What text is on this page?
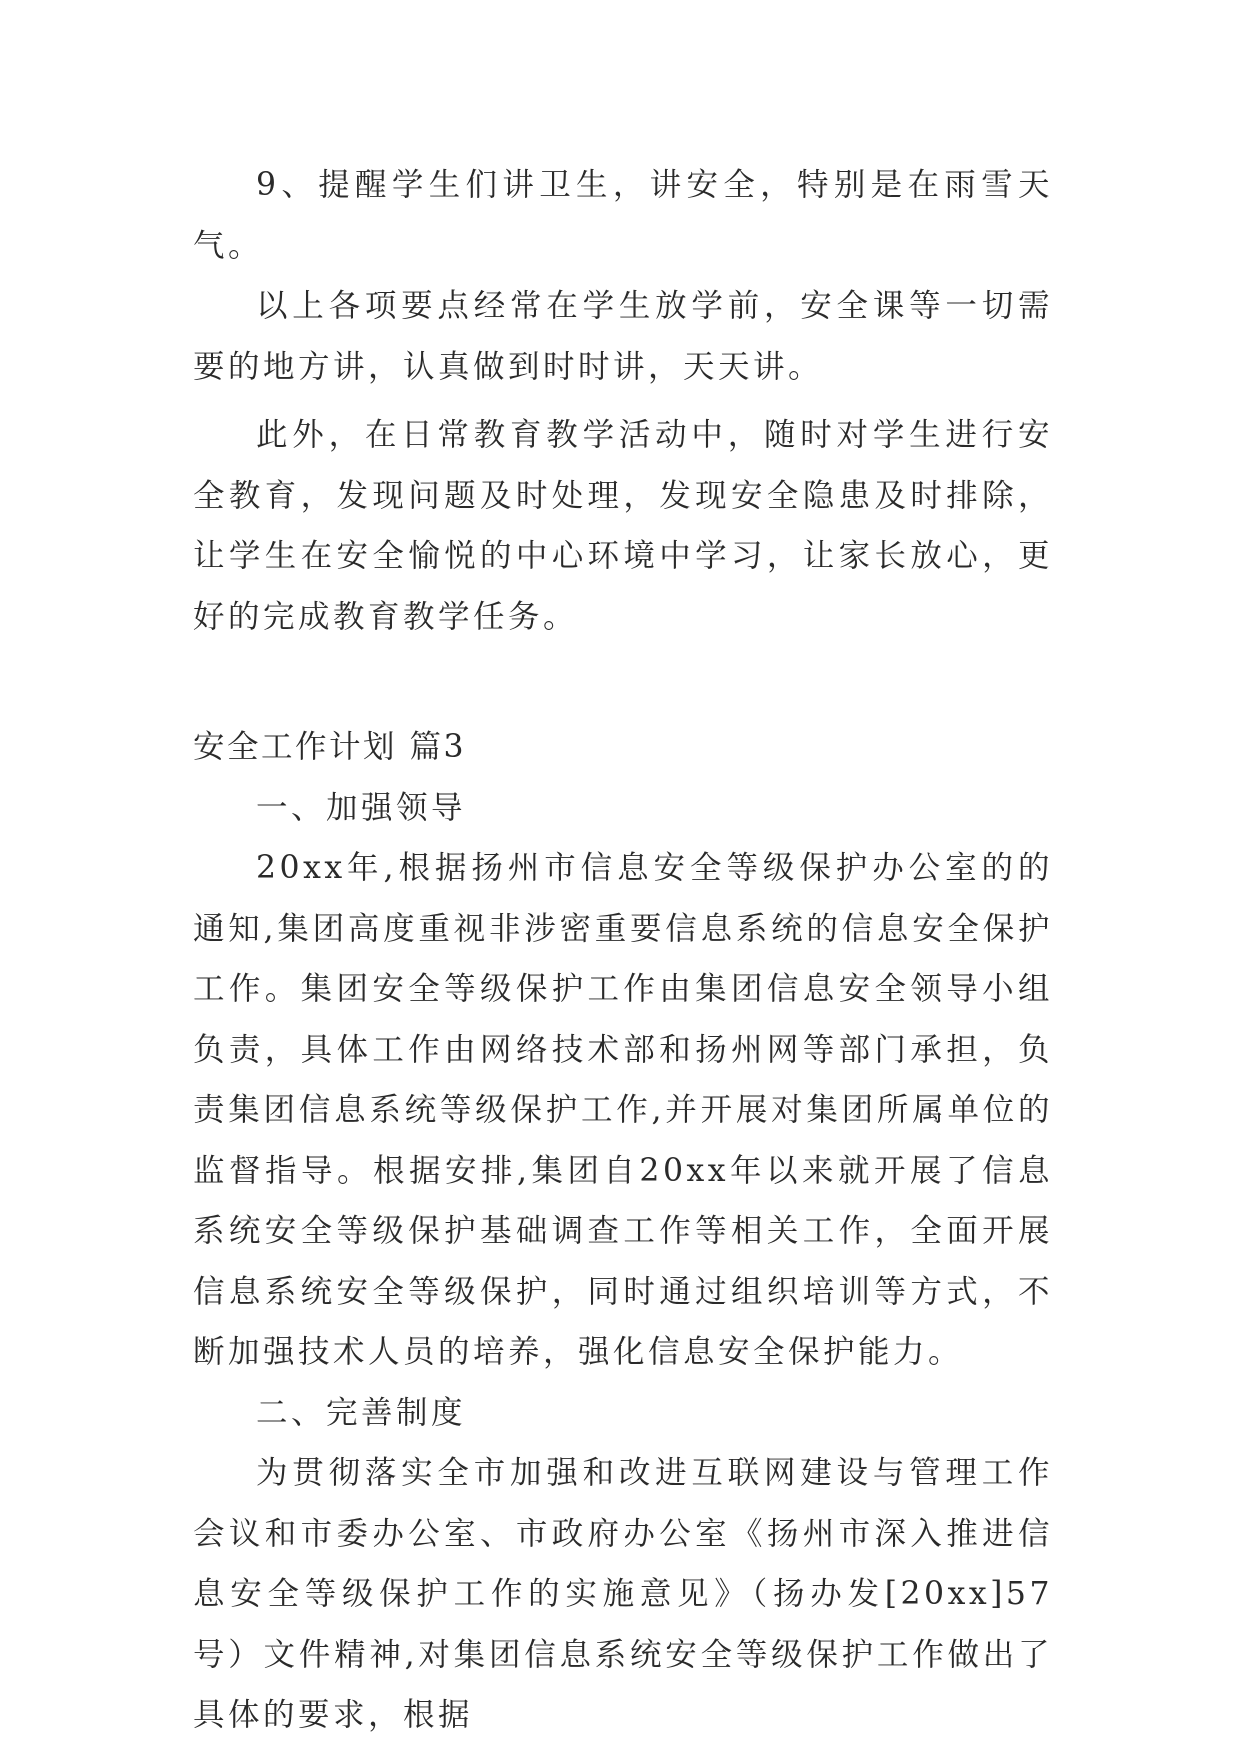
9、提醒学生们讲卫生，讲安全，特别是在雨雪天气。

以上各项要点经常在学生放学前，安全课等一切需要的地方讲，认真做到时时讲，天天讲。

此外，在日常教育教学活动中，随时对学生进行安全教育，发现问题及时处理，发现安全隐患及时排除，让学生在安全愉悦的中心环境中学习，让家长放心，更好的完成教育教学任务。

安全工作计划 篇3

一、加强领导

20xx年,根据扬州市信息安全等级保护办公室的的通知,集团高度重视非涉密重要信息系统的信息安全保护工作。集团安全等级保护工作由集团信息安全领导小组负责，具体工作由网络技术部和扬州网等部门承担，负责集团信息系统等级保护工作,并开展对集团所属单位的监督指导。根据安排,集团自20xx年以来就开展了信息系统安全等级保护基础调查工作等相关工作，全面开展信息系统安全等级保护，同时通过组织培训等方式，不断加强技术人员的培养，强化信息安全保护能力。

二、完善制度

为贯彻落实全市加强和改进互联网建设与管理工作会议和市委办公室、市政府办公室《扬州市深入推进信息安全等级保护工作的实施意见》（扬办发[20xx]57号）文件精神,对集团信息系统安全等级保护工作做出了具体的要求，根据
